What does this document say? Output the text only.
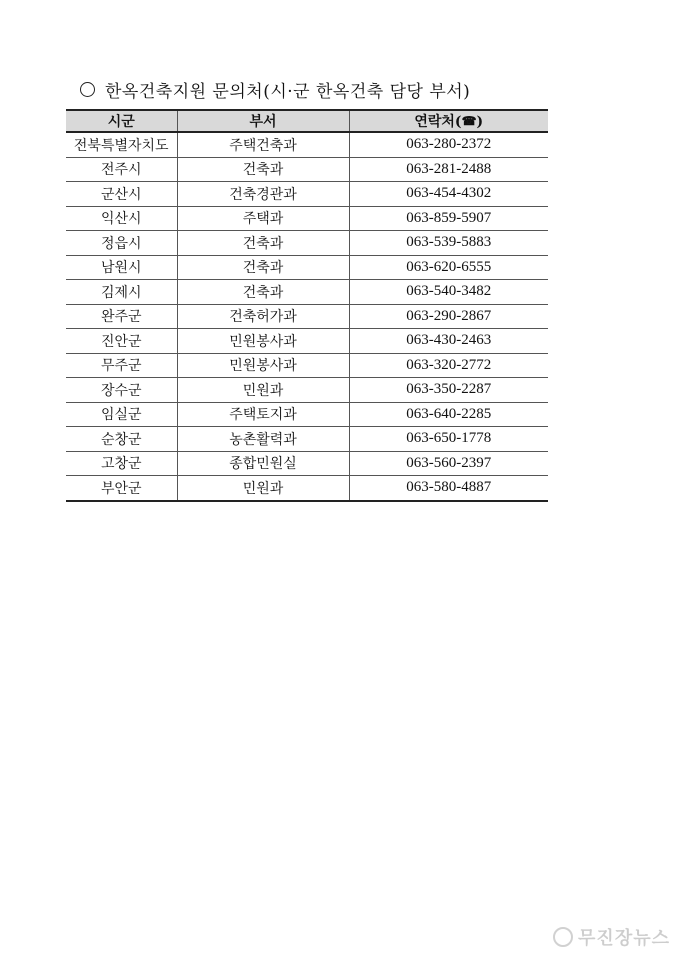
한옥건축지원 문의처(시·군 한옥건축 담당 부서)
시군	부서	연락처(☎)
전북특별자치도	주택건축과	063-280-2372
전주시	건축과	063-281-2488
군산시	건축경관과	063-454-4302
익산시	주택과	063-859-5907
정읍시	건축과	063-539-5883
남원시	건축과	063-620-6555
김제시	건축과	063-540-3482
완주군	건축허가과	063-290-2867
진안군	민원봉사과	063-430-2463
무주군	민원봉사과	063-320-2772
장수군	민원과	063-350-2287
임실군	주택토지과	063-640-2285
순창군	농촌활력과	063-650-1778
고창군	종합민원실	063-560-2397
부안군	민원과	063-580-4887
무진장뉴스
